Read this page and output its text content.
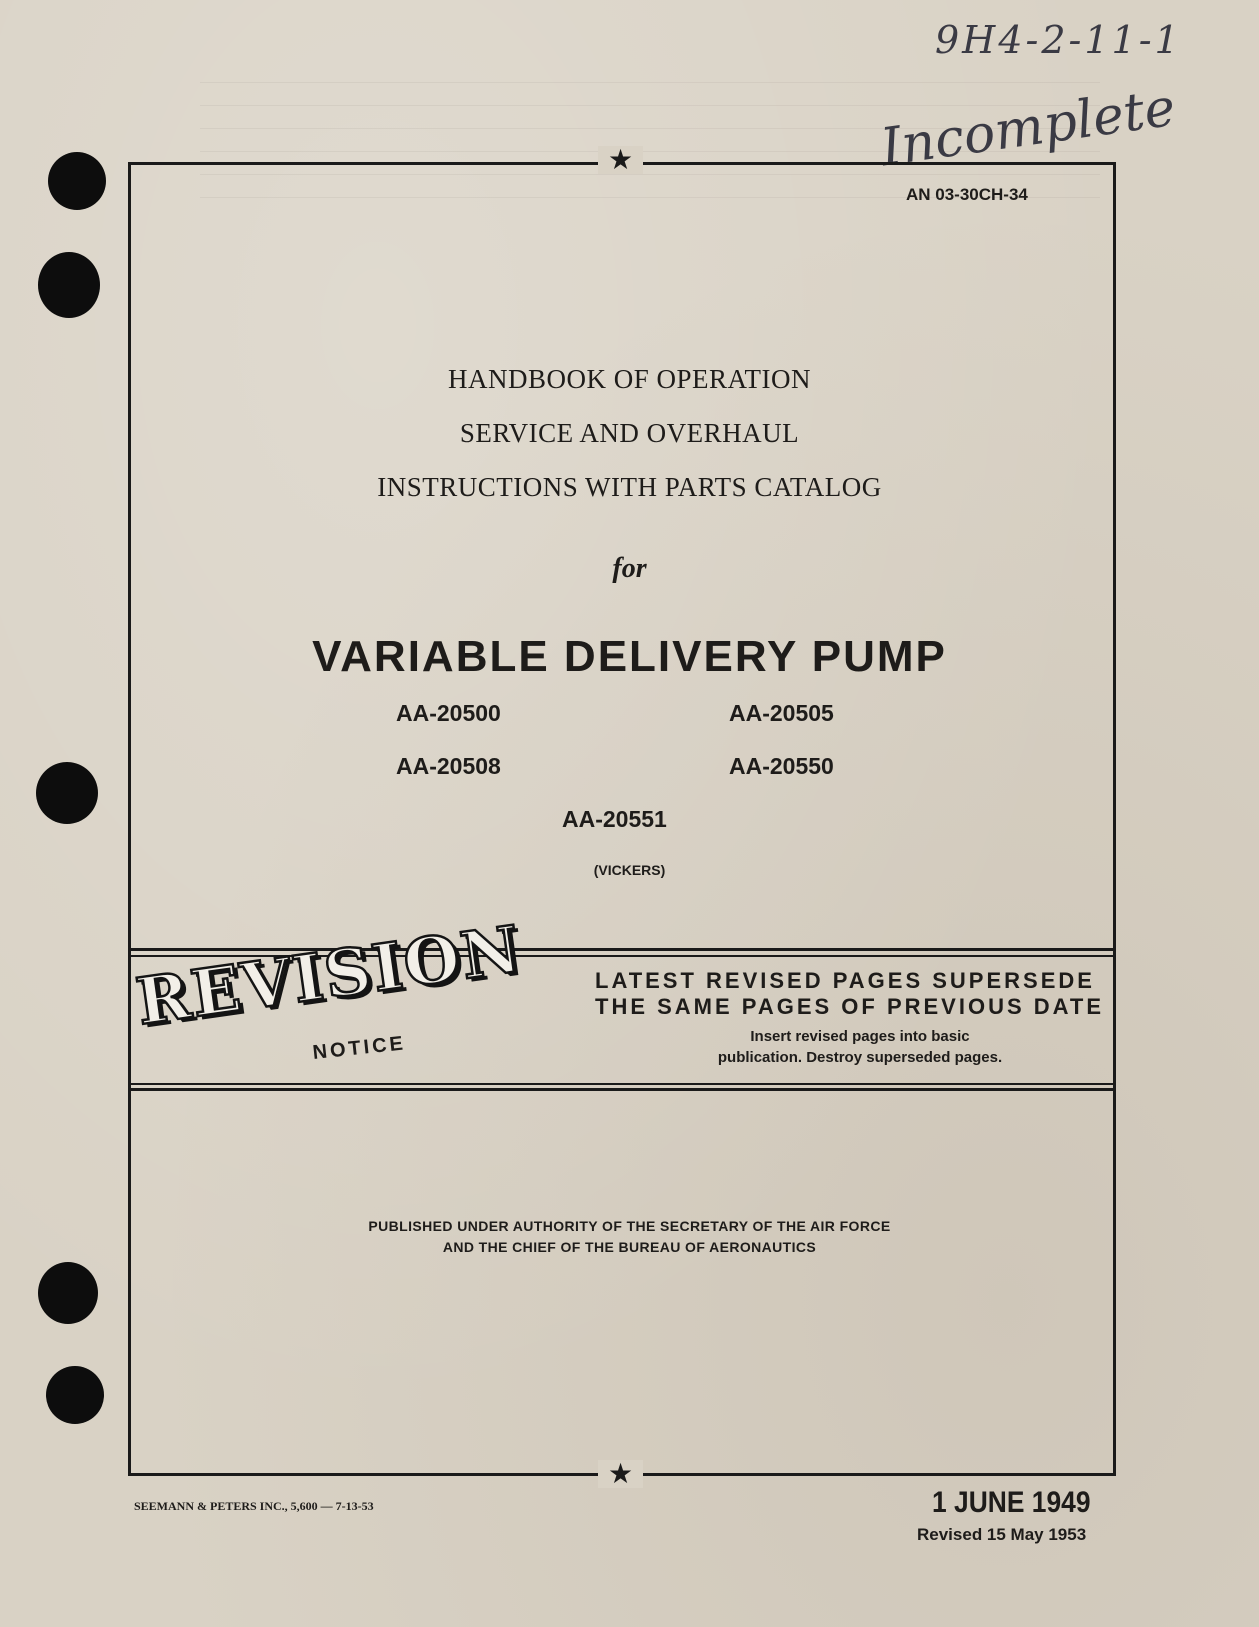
9H4-2-11-1
Incomplete
★
★
AN 03-30CH-34
HANDBOOK OF OPERATION
SERVICE AND OVERHAUL
INSTRUCTIONS WITH PARTS CATALOG
for
VARIABLE DELIVERY PUMP
AA-20500	AA-20505
AA-20508	AA-20550
AA-20551
(VICKERS)
REVISION
NOTICE
LATEST REVISED PAGES SUPERSEDE
THE SAME PAGES OF PREVIOUS DATE
Insert revised pages into basic
publication. Destroy superseded pages.
PUBLISHED UNDER AUTHORITY OF THE SECRETARY OF THE AIR FORCE
AND THE CHIEF OF THE BUREAU OF AERONAUTICS
SEEMANN & PETERS INC., 5,600 — 7-13-53	1 JUNE 1949
Revised 15 May 1953
